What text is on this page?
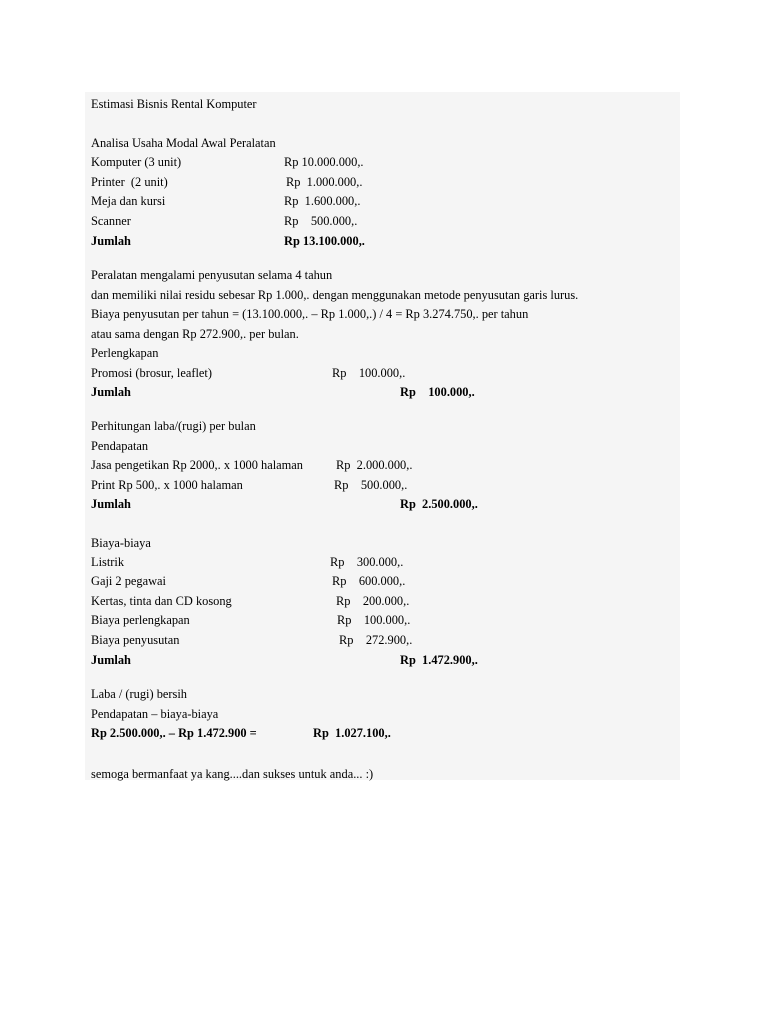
Estimasi Bisnis Rental Komputer
Analisa Usaha Modal Awal Peralatan
Komputer (3 unit)	Rp 10.000.000,.
Printer  (2 unit)	Rp  1.000.000,.
Meja dan kursi	Rp  1.600.000,.
Scanner	Rp    500.000,.
Jumlah	Rp 13.100.000,.
Peralatan mengalami penyusutan selama 4 tahun
dan memiliki nilai residu sebesar Rp 1.000,. dengan menggunakan metode penyusutan garis lurus.
Biaya penyusutan per tahun = (13.100.000,. – Rp 1.000,.) / 4 = Rp 3.274.750,. per tahun
atau sama dengan Rp 272.900,. per bulan.
Perlengkapan
Promosi (brosur, leaflet)	Rp    100.000,.
Jumlah	Rp    100.000,.
Perhitungan laba/(rugi) per bulan
Pendapatan
Jasa pengetikan Rp 2000,. x 1000 halaman	Rp  2.000.000,.
Print Rp 500,. x 1000 halaman	Rp    500.000,.
Jumlah	Rp  2.500.000,.
Biaya-biaya
Listrik	Rp    300.000,.
Gaji 2 pegawai	Rp    600.000,.
Kertas, tinta dan CD kosong	Rp    200.000,.
Biaya perlengkapan	Rp    100.000,.
Biaya penyusutan	Rp    272.900,.
Jumlah	Rp  1.472.900,.
Laba / (rugi) bersih
Pendapatan – biaya-biaya
Rp 2.500.000,. – Rp 1.472.900 =	Rp  1.027.100,.
semoga bermanfaat ya kang....dan sukses untuk anda... :)
